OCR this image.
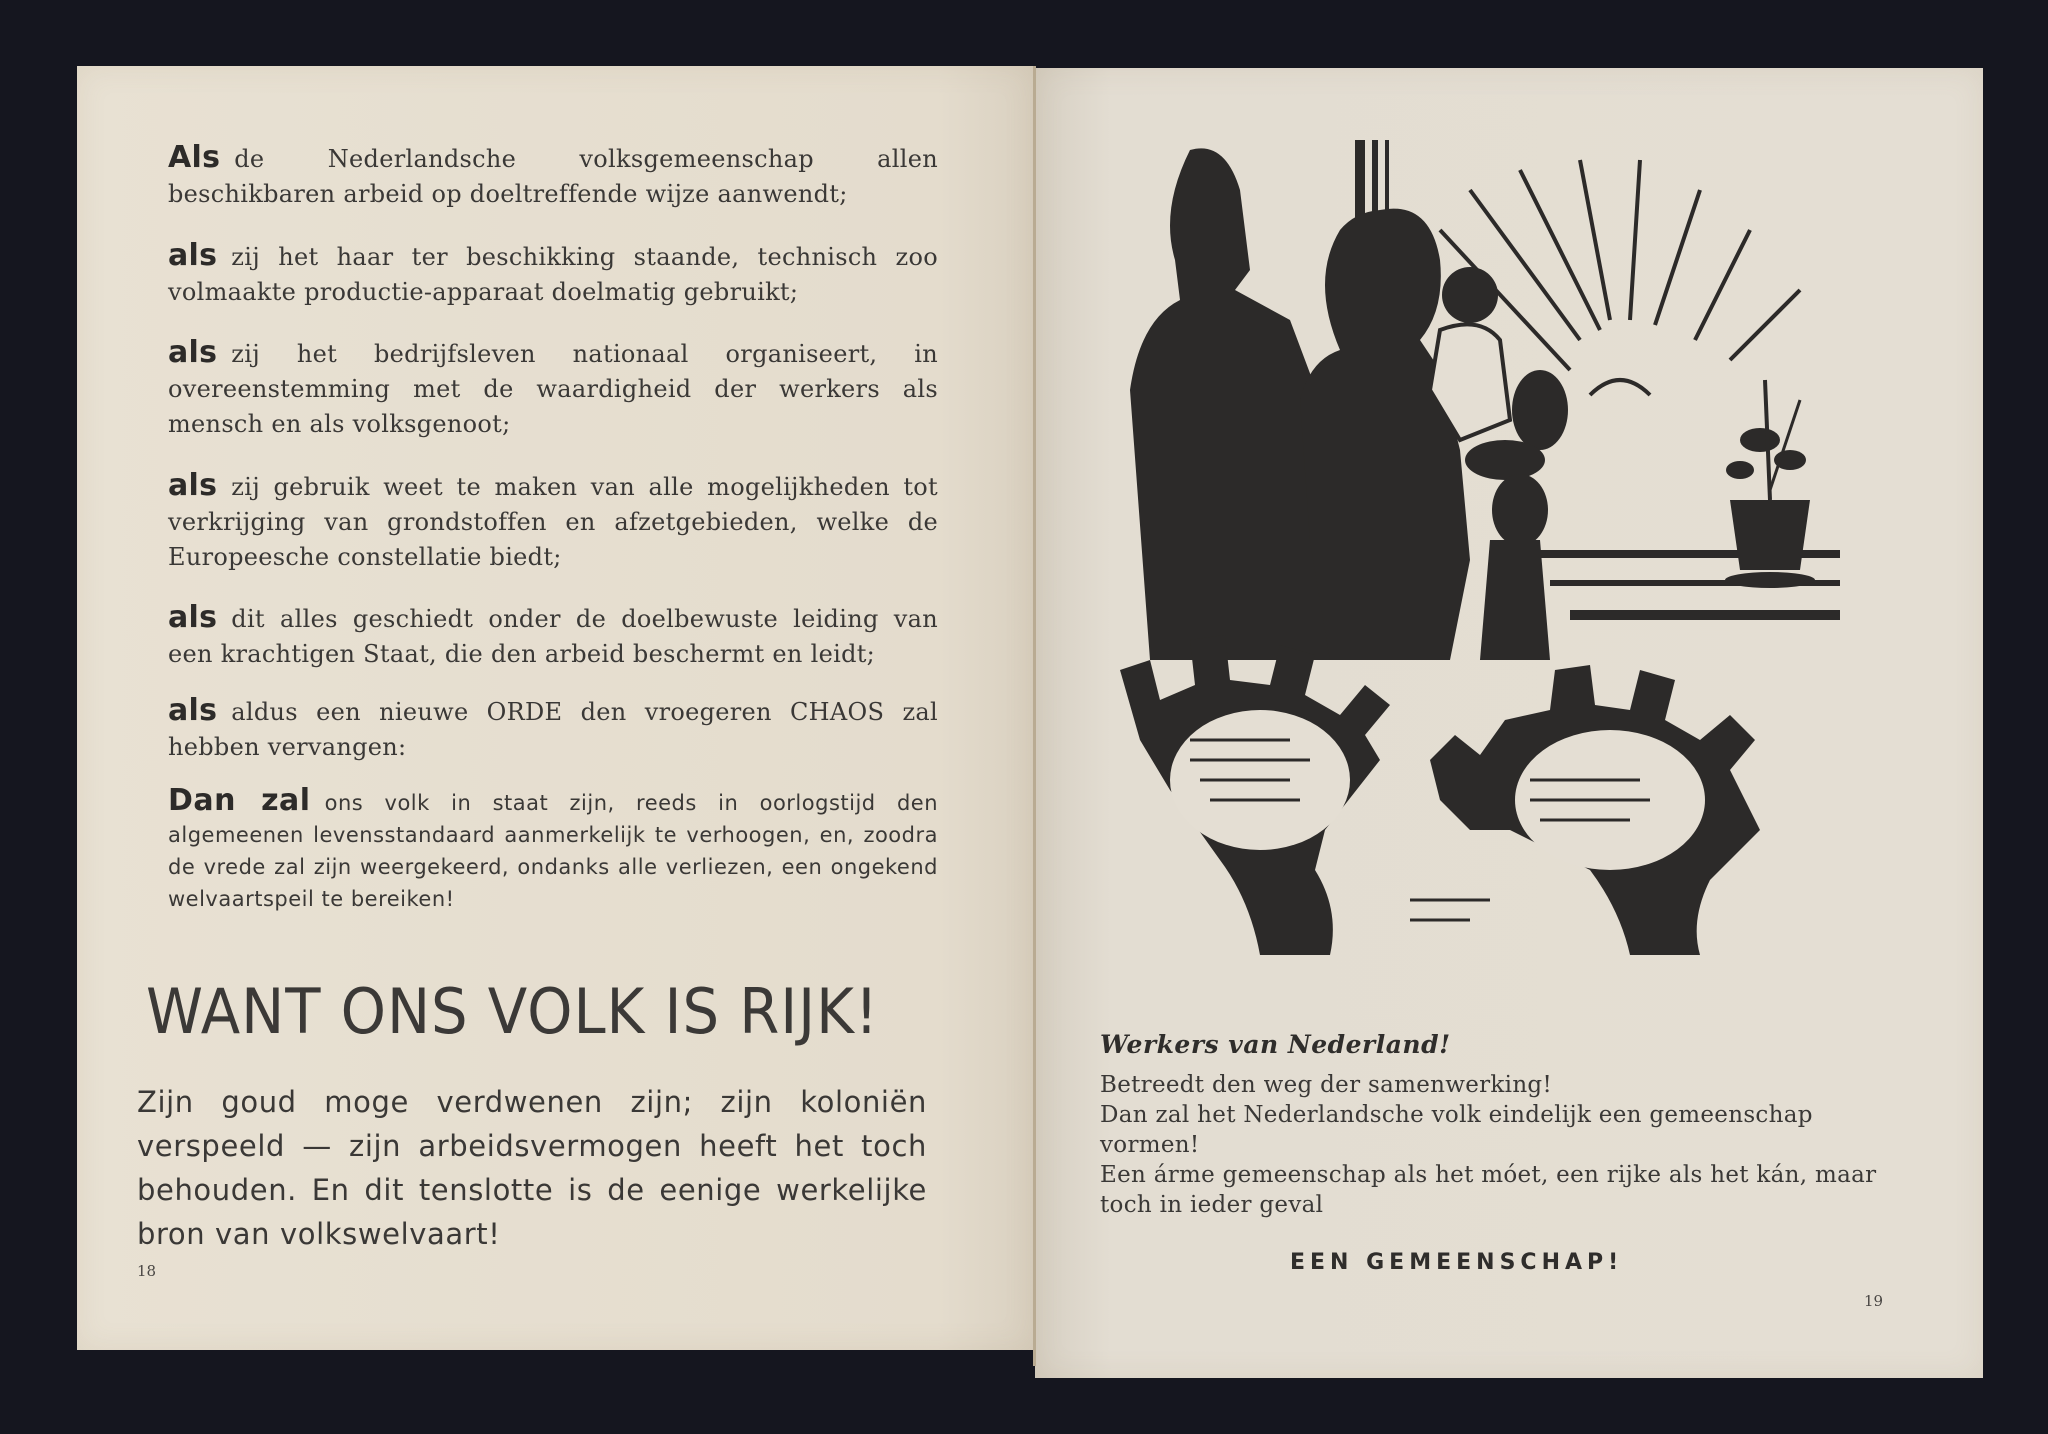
Als de Nederlandsche volksgemeenschap allen beschikbaren arbeid op doeltreffende wijze aanwendt;
als zij het haar ter beschikking staande, technisch zoo volmaakte productie-apparaat doelmatig gebruikt;
als zij het bedrijfsleven nationaal organiseert, in overeenstemming met de waardigheid der werkers als mensch en als volksgenoot;
als zij gebruik weet te maken van alle mogelijkheden tot verkrijging van grondstoffen en afzetgebieden, welke de Europeesche constellatie biedt;
als dit alles geschiedt onder de doelbewuste leiding van een krachtigen Staat, die den arbeid beschermt en leidt;
als aldus een nieuwe ORDE den vroegeren CHAOS zal hebben vervangen:
Dan zal ons volk in staat zijn, reeds in oorlogstijd den algemeenen levensstandaard aanmerkelijk te verhoogen, en, zoodra de vrede zal zijn weergekeerd, ondanks alle verliezen, een ongekend welvaartspeil te bereiken!
WANT ONS VOLK IS RIJK!
Zijn goud moge verdwenen zijn; zijn koloniën verspeeld — zijn arbeidsvermogen heeft het toch behouden. En dit tenslotte is de eenige werkelijke bron van volkswelvaart!
18
Werkers van Nederland!
Betreedt den weg der samenwerking!
Dan zal het Nederlandsche volk eindelijk een gemeenschap vormen!
Een árme gemeenschap als het móet, een rijke als het kán, maar toch in ieder geval
EEN GEMEENSCHAP!
19
